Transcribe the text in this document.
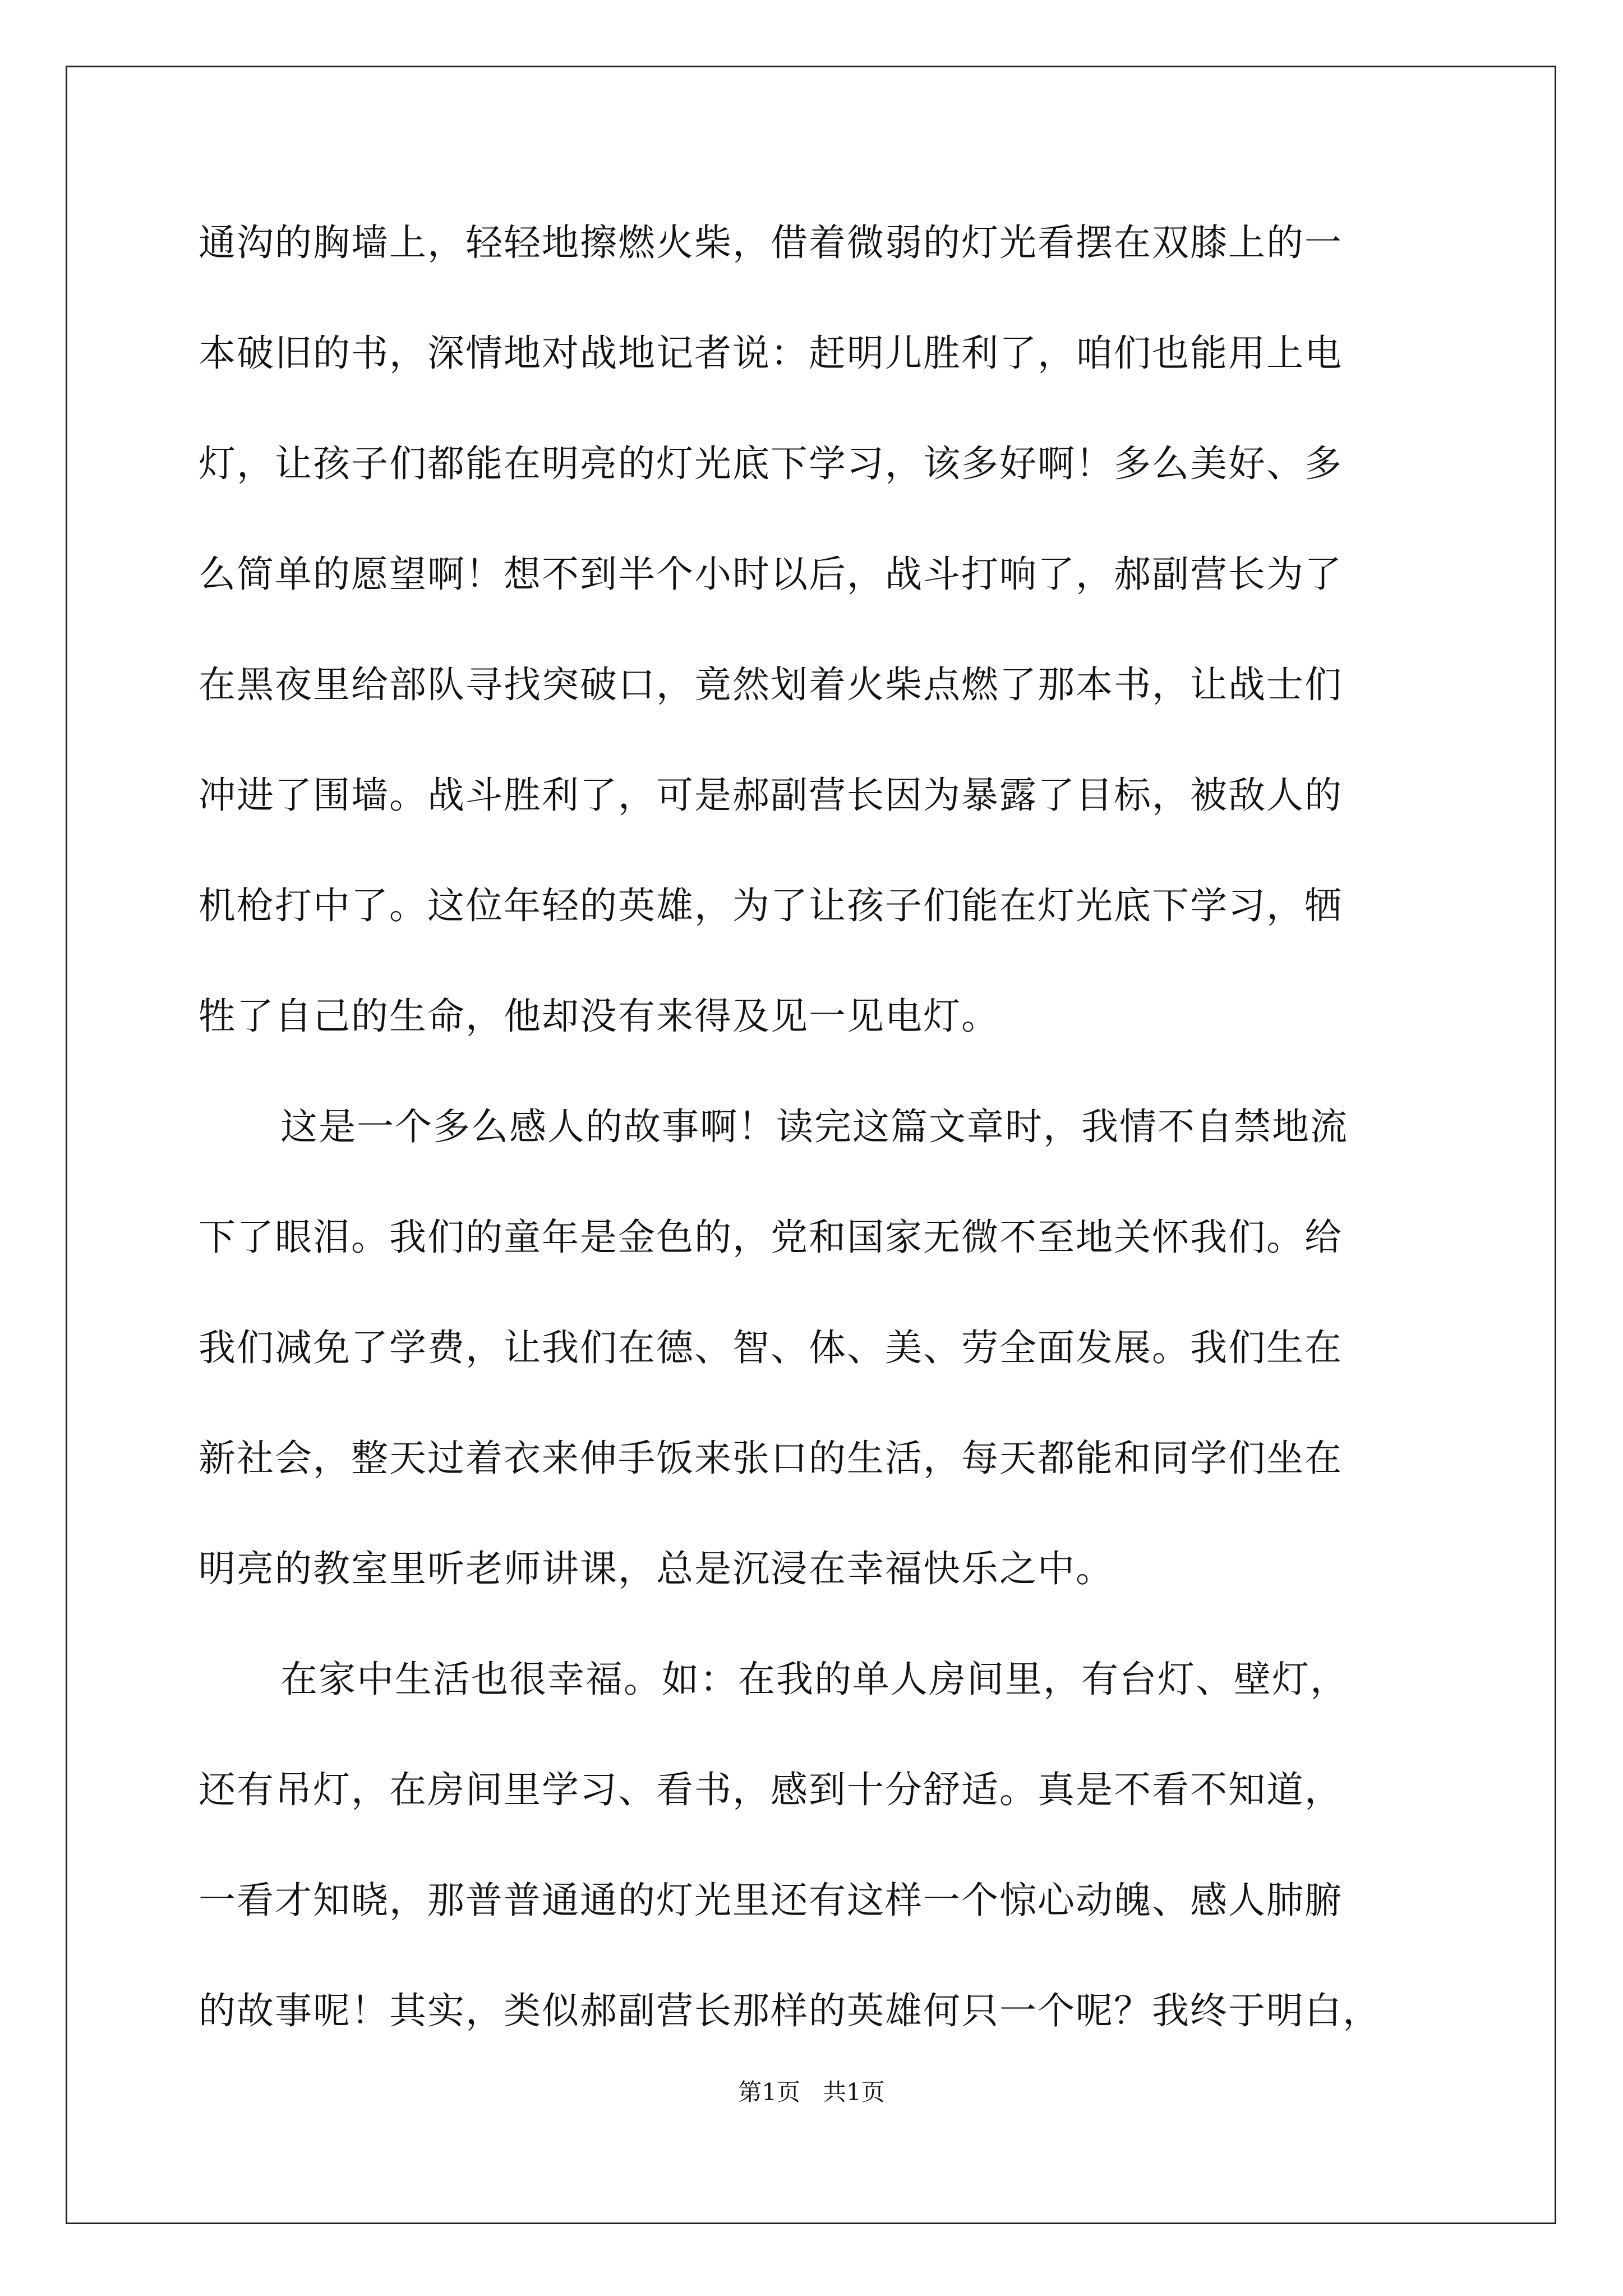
通沟的胸墙上，轻轻地擦燃火柴，借着微弱的灯光看摆在双膝上的一
本破旧的书，深情地对战地记者说：赶明儿胜利了，咱们也能用上电
灯，让孩子们都能在明亮的灯光底下学习，该多好啊！多么美好、多
么简单的愿望啊！想不到半个小时以后，战斗打响了，郝副营长为了
在黑夜里给部队寻找突破口，竟然划着火柴点燃了那本书，让战士们
冲进了围墙。战斗胜利了，可是郝副营长因为暴露了目标，被敌人的
机枪打中了。这位年轻的英雄，为了让孩子们能在灯光底下学习，牺
牲了自己的生命，他却没有来得及见一见电灯。
这是一个多么感人的故事啊！读完这篇文章时，我情不自禁地流
下了眼泪。我们的童年是金色的，党和国家无微不至地关怀我们。给
我们减免了学费，让我们在德、智、体、美、劳全面发展。我们生在
新社会，整天过着衣来伸手饭来张口的生活，每天都能和同学们坐在
明亮的教室里听老师讲课，总是沉浸在幸福快乐之中。
在家中生活也很幸福。如：在我的单人房间里，有台灯、壁灯，
还有吊灯，在房间里学习、看书，感到十分舒适。真是不看不知道，
一看才知晓，那普普通通的灯光里还有这样一个惊心动魄、感人肺腑
的故事呢！其实，类似郝副营长那样的英雄何只一个呢？我终于明白，
第1页 共1页
